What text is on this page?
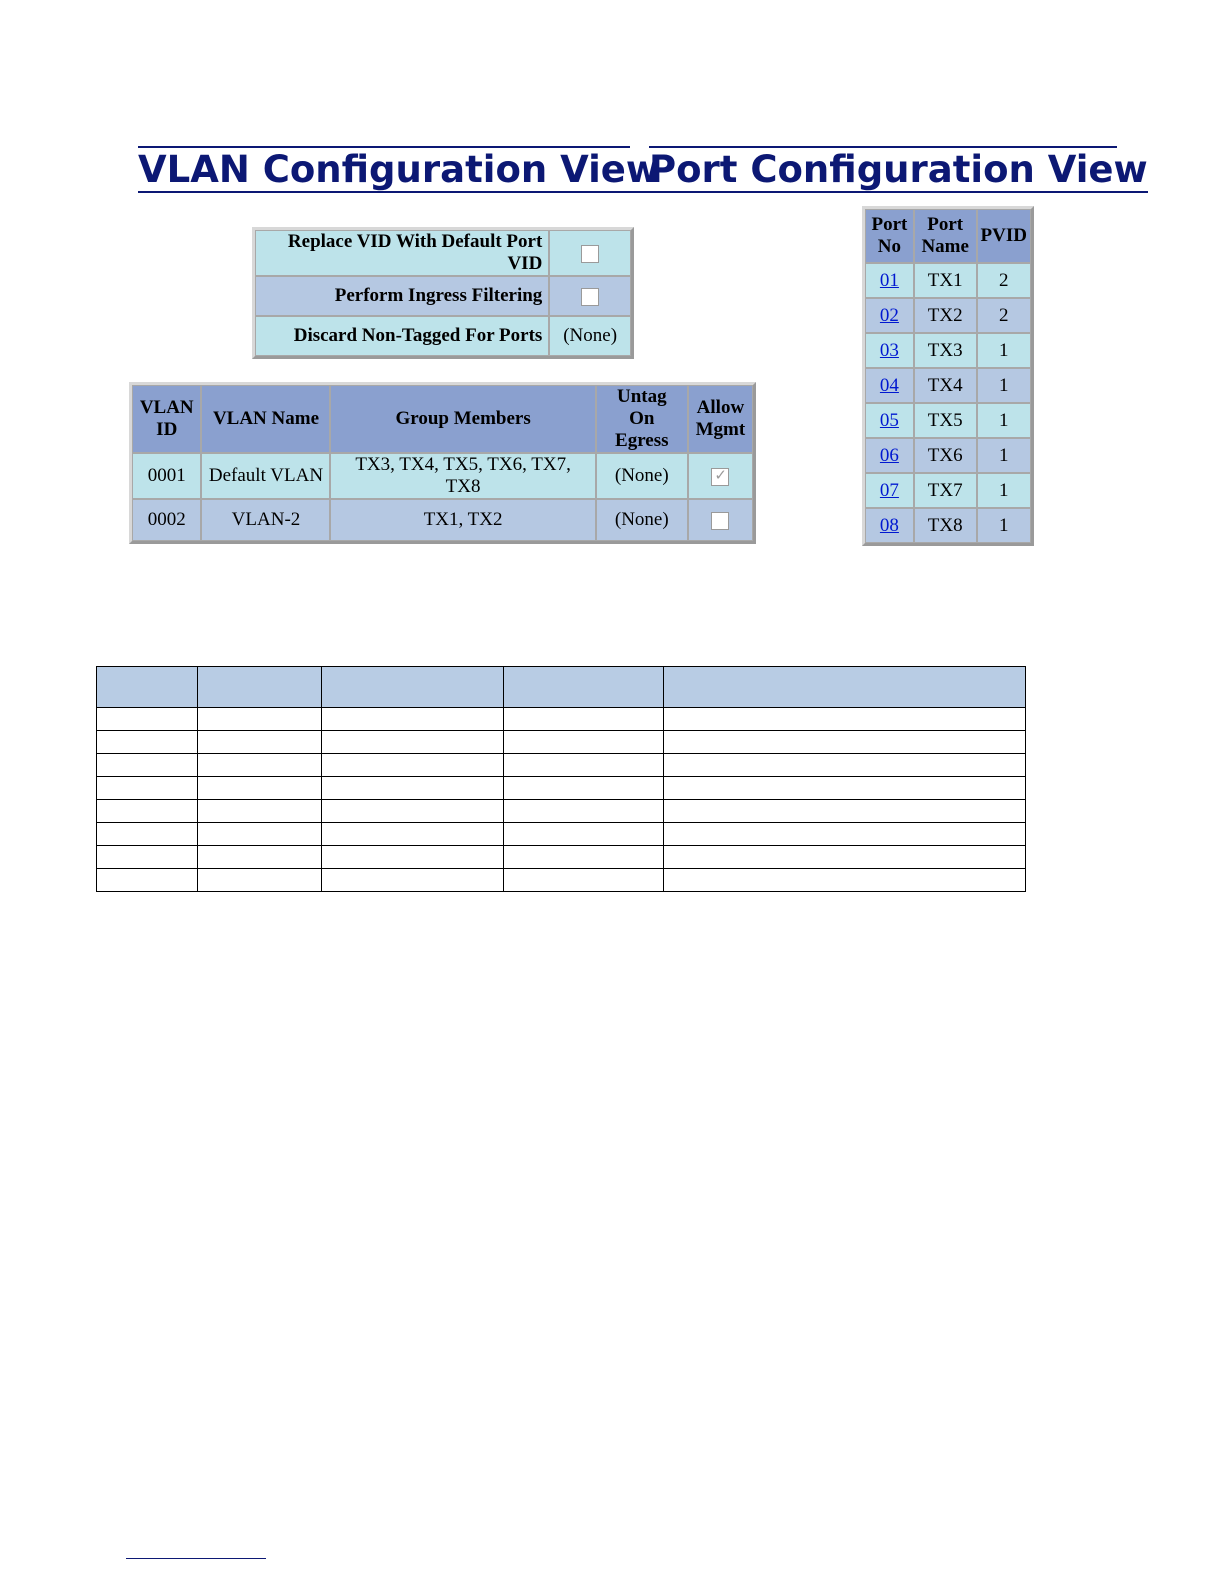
VLAN Configuration View
Port Configuration View
Replace VID With Default Port VID	
Perform Ingress Filtering	
Discard Non-Tagged For Ports	(None)
VLAN ID	VLAN Name	Group Members	Untag On Egress	Allow Mgmt
0001	Default VLAN	TX3, TX4, TX5, TX6, TX7, TX8	(None)	✓
0002	VLAN-2	TX1, TX2	(None)	
Port No	Port Name	PVID
01	TX1	2
02	TX2	2
03	TX3	1
04	TX4	1
05	TX5	1
06	TX6	1
07	TX7	1
08	TX8	1
